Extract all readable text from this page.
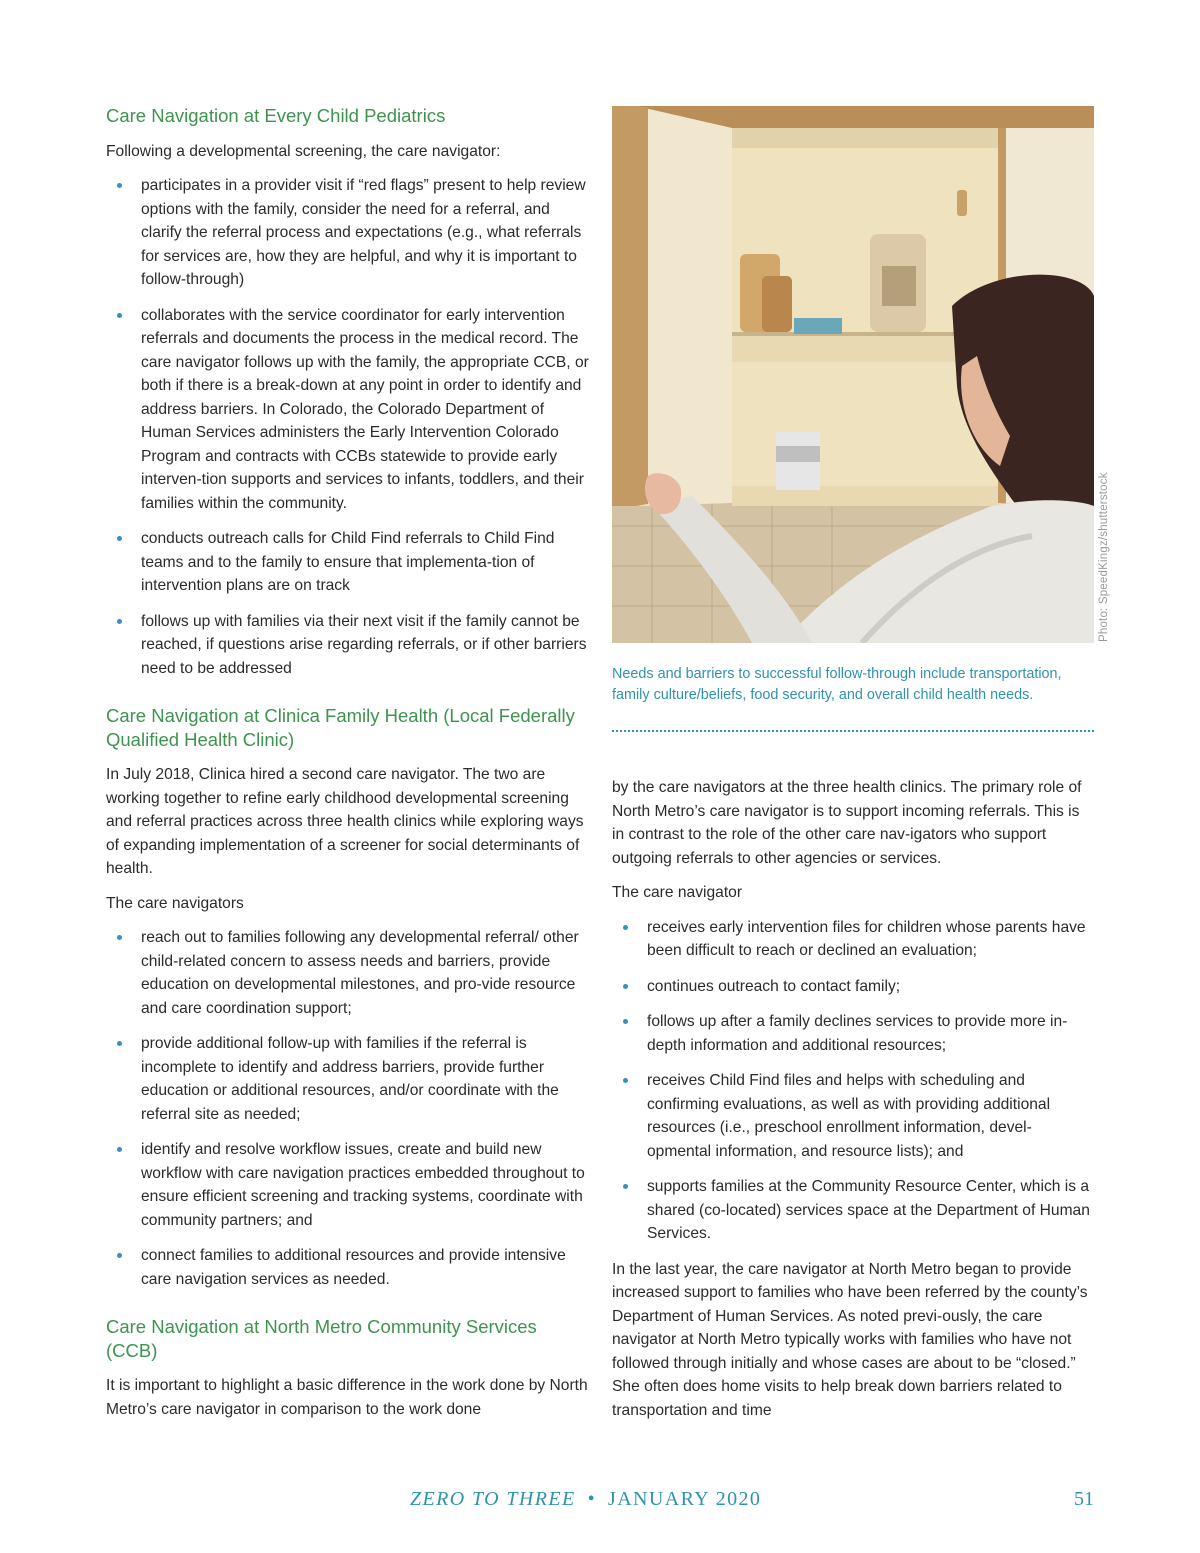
Care Navigation at Every Child Pediatrics

Following a developmental screening, the care navigator:

participates in a provider visit if “red flags” present to help review options with the family, consider the need for a referral, and clarify the referral process and expectations (e.g., what referrals for services are, how they are helpful, and why it is important to follow-through)
collaborates with the service coordinator for early intervention referrals and documents the process in the medical record. The care navigator follows up with the family, the appropriate CCB, or both if there is a break-down at any point in order to identify and address barriers. In Colorado, the Colorado Department of Human Services administers the Early Intervention Colorado Program and contracts with CCBs statewide to provide early interven-tion supports and services to infants, toddlers, and their families within the community.
conducts outreach calls for Child Find referrals to Child Find teams and to the family to ensure that implementa-tion of intervention plans are on track
follows up with families via their next visit if the family cannot be reached, if questions arise regarding referrals, or if other barriers need to be addressed
Care Navigation at Clinica Family Health (Local Federally Qualified Health Clinic)

In July 2018, Clinica hired a second care navigator. The two are working together to refine early childhood developmental screening and referral practices across three health clinics while exploring ways of expanding implementation of a screener for social determinants of health.

The care navigators

reach out to families following any developmental referral/ other child-related concern to assess needs and barriers, provide education on developmental milestones, and pro-vide resource and care coordination support;
provide additional follow-up with families if the referral is incomplete to identify and address barriers, provide further education or additional resources, and/or coordinate with the referral site as needed;
identify and resolve workflow issues, create and build new workflow with care navigation practices embedded throughout to ensure efficient screening and tracking systems, coordinate with community partners; and
connect families to additional resources and provide intensive care navigation services as needed.
Care Navigation at North Metro Community Services (CCB)

It is important to highlight a basic difference in the work done by North Metro’s care navigator in comparison to the work done

Photo: SpeedKingz/shutterstock
Needs and barriers to successful follow-through include transportation, family culture/beliefs, food security, and overall child health needs.

by the care navigators at the three health clinics. The primary role of North Metro’s care navigator is to support incoming referrals. This is in contrast to the role of the other care nav-igators who support outgoing referrals to other agencies or services.

The care navigator

receives early intervention files for children whose parents have been difficult to reach or declined an evaluation;
continues outreach to contact family;
follows up after a family declines services to provide more in-depth information and additional resources;
receives Child Find files and helps with scheduling and confirming evaluations, as well as with providing additional resources (i.e., preschool enrollment information, devel-opmental information, and resource lists); and
supports families at the Community Resource Center, which is a shared (co-located) services space at the Department of Human Services.

In the last year, the care navigator at North Metro began to provide increased support to families who have been referred by the county’s Department of Human Services. As noted previ-ously, the care navigator at North Metro typically works with families who have not followed through initially and whose cases are about to be “closed.” She often does home visits to help break down barriers related to transportation and time

ZERO TO THREE • JANUARY 2020	51
